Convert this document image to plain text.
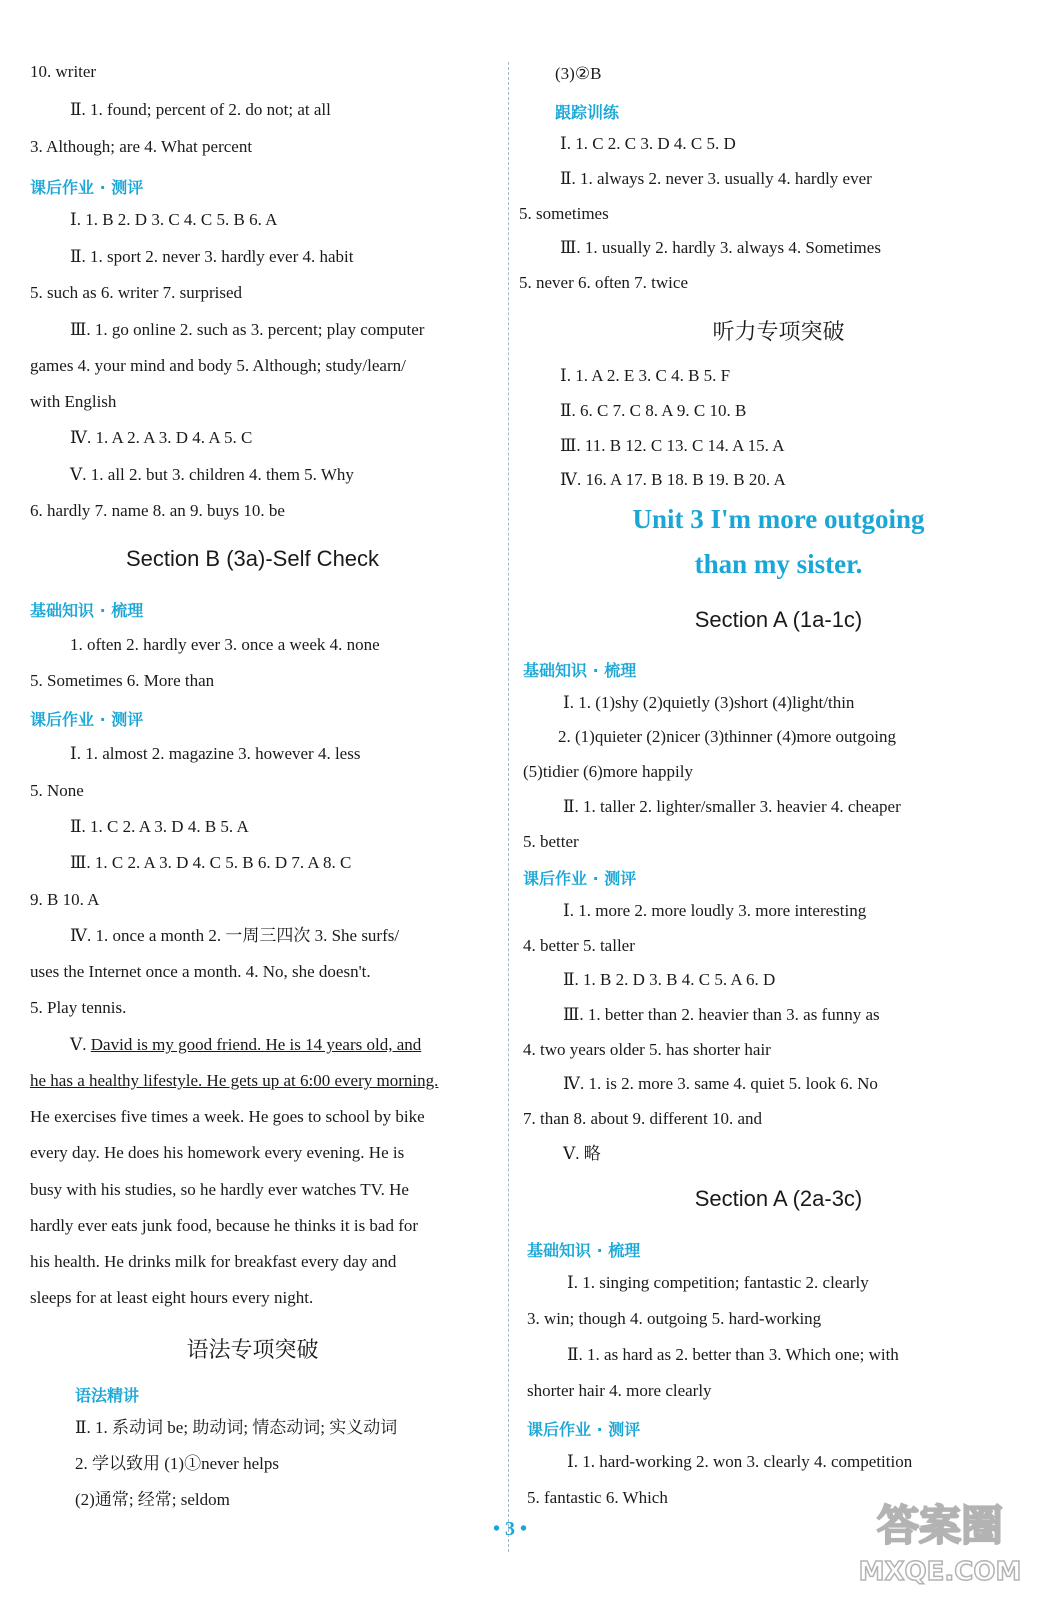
10. writer
Ⅱ. 1. found; percent of 2. do not; at all
3. Although; are 4. What percent
课后作业 · 测评
Ⅰ. 1. B 2. D 3. C 4. C 5. B 6. A
Ⅱ. 1. sport 2. never 3. hardly ever 4. habit
5. such as 6. writer 7. surprised
Ⅲ. 1. go online 2. such as 3. percent; play computer
games 4. your mind and body 5. Although; study/learn/
with English
Ⅳ. 1. A 2. A 3. D 4. A 5. C
Ⅴ. 1. all 2. but 3. children 4. them 5. Why
6. hardly 7. name 8. an 9. buys 10. be
Section B (3a)-Self Check
基础知识 · 梳理
1. often 2. hardly ever 3. once a week 4. none
5. Sometimes 6. More than
课后作业 · 测评
Ⅰ. 1. almost 2. magazine 3. however 4. less
5. None
Ⅱ. 1. C 2. A 3. D 4. B 5. A
Ⅲ. 1. C 2. A 3. D 4. C 5. B 6. D 7. A 8. C
9. B 10. A
Ⅳ. 1. once a month 2. 一周三四次 3. She surfs/
uses the Internet once a month. 4. No, she doesn't.
5. Play tennis.
Ⅴ. David is my good friend. He is 14 years old, and
he has a healthy lifestyle. He gets up at 6:00 every morning.
He exercises five times a week. He goes to school by bike
every day. He does his homework every evening. He is
busy with his studies, so he hardly ever watches TV. He
hardly ever eats junk food, because he thinks it is bad for
his health. He drinks milk for breakfast every day and
sleeps for at least eight hours every night.
语法专项突破
语法精讲
Ⅱ. 1. 系动词 be; 助动词; 情态动词; 实义动词
2. 学以致用 (1)①never helps
(2)通常; 经常; seldom
(3)②B
跟踪训练
Ⅰ. 1. C 2. C 3. D 4. C 5. D
Ⅱ. 1. always 2. never 3. usually 4. hardly ever
5. sometimes
Ⅲ. 1. usually 2. hardly 3. always 4. Sometimes
5. never 6. often 7. twice
听力专项突破
Ⅰ. 1. A 2. E 3. C 4. B 5. F
Ⅱ. 6. C 7. C 8. A 9. C 10. B
Ⅲ. 11. B 12. C 13. C 14. A 15. A
Ⅳ. 16. A 17. B 18. B 19. B 20. A
Unit 3 I'm more outgoing
than my sister.
Section A (1a-1c)
基础知识 · 梳理
Ⅰ. 1. (1)shy (2)quietly (3)short (4)light/thin
2. (1)quieter (2)nicer (3)thinner (4)more outgoing
(5)tidier (6)more happily
Ⅱ. 1. taller 2. lighter/smaller 3. heavier 4. cheaper
5. better
课后作业 · 测评
Ⅰ. 1. more 2. more loudly 3. more interesting
4. better 5. taller
Ⅱ. 1. B 2. D 3. B 4. C 5. A 6. D
Ⅲ. 1. better than 2. heavier than 3. as funny as
4. two years older 5. has shorter hair
Ⅳ. 1. is 2. more 3. same 4. quiet 5. look 6. No
7. than 8. about 9. different 10. and
Ⅴ. 略
Section A (2a-3c)
基础知识 · 梳理
Ⅰ. 1. singing competition; fantastic 2. clearly
3. win; though 4. outgoing 5. hard-working
Ⅱ. 1. as hard as 2. better than 3. Which one; with
shorter hair 4. more clearly
课后作业 · 测评
Ⅰ. 1. hard-working 2. won 3. clearly 4. competition
5. fantastic 6. Which
• 3 •	答案圈
MXQE.COM
